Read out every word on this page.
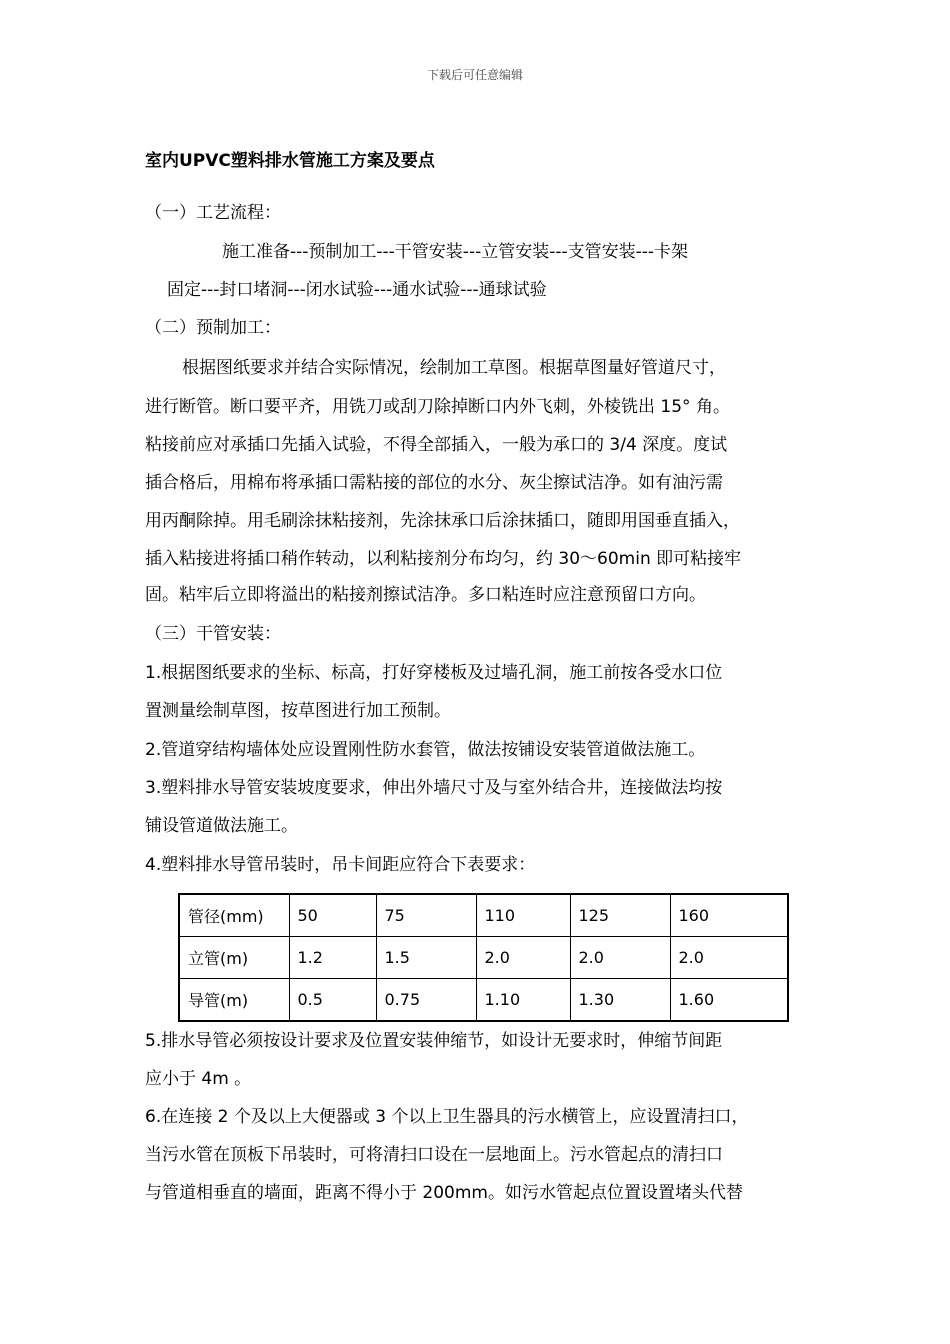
下载后可任意编辑
室内UPVC塑料排水管施工方案及要点
（一）工艺流程：
施工准备---预制加工---干管安装---立管安装---支管安装---卡架
固定---封口堵洞---闭水试验---通水试验---通球试验
（二）预制加工：
根据图纸要求并结合实际情况，绘制加工草图。根据草图量好管道尺寸，
进行断管。断口要平齐，用铣刀或刮刀除掉断口内外飞刺，外棱铣出 15° 角。
粘接前应对承插口先插入试验，不得全部插入，一般为承口的 3/4 深度。度试
插合格后，用棉布将承插口需粘接的部位的水分、灰尘擦试洁净。如有油污需
用丙酮除掉。用毛刷涂抹粘接剂，先涂抹承口后涂抹插口，随即用国垂直插入，
插入粘接进将插口稍作转动，以利粘接剂分布均匀，约 30～60min 即可粘接牢
固。粘牢后立即将溢出的粘接剂擦试洁净。多口粘连时应注意预留口方向。
（三）干管安装：
1.根据图纸要求的坐标、标高，打好穿楼板及过墙孔洞，施工前按各受水口位
置测量绘制草图，按草图进行加工预制。
2.管道穿结构墙体处应设置刚性防水套管，做法按铺设安装管道做法施工。
3.塑料排水导管安装坡度要求，伸出外墙尺寸及与室外结合井，连接做法均按
铺设管道做法施工。
4.塑料排水导管吊装时，吊卡间距应符合下表要求：
管径(mm)	50	75	110	125	160
立管(m)	1.2	1.5	2.0	2.0	2.0
导管(m)	0.5	0.75	1.10	1.30	1.60
5.排水导管必须按设计要求及位置安装伸缩节，如设计无要求时，伸缩节间距
应小于 4m 。
6.在连接 2 个及以上大便器或 3 个以上卫生器具的污水横管上，应设置清扫口，
当污水管在顶板下吊装时，可将清扫口设在一层地面上。污水管起点的清扫口
与管道相垂直的墙面，距离不得小于 200mm。如污水管起点位置设置堵头代替
